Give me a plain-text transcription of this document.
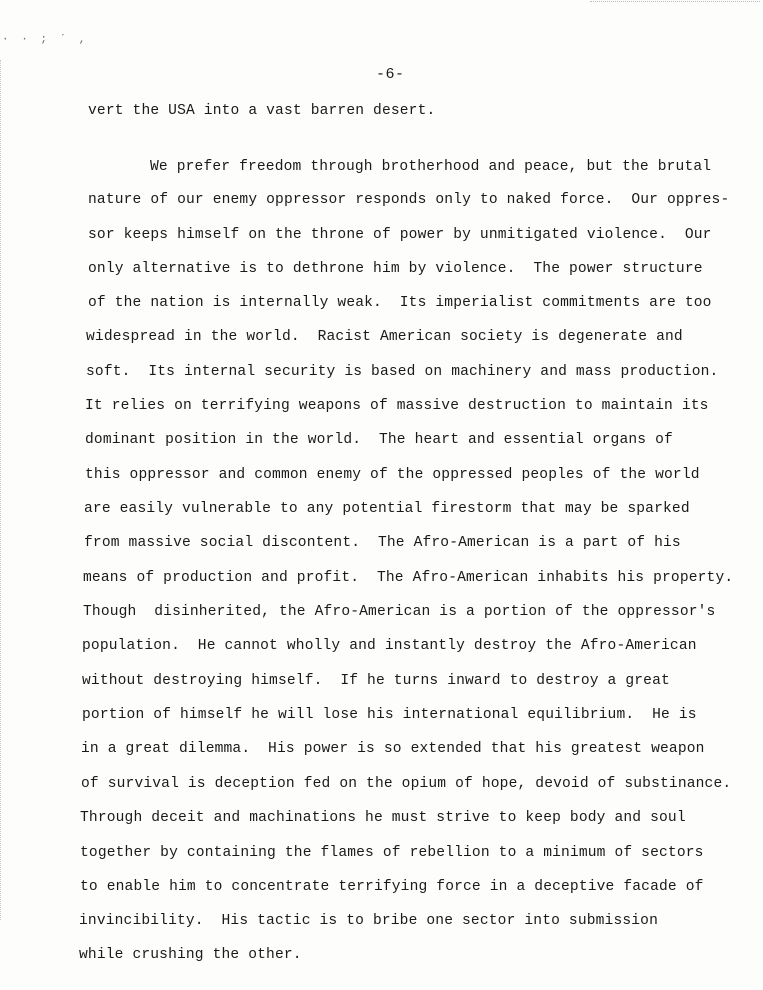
· · ; ˊ ,
-6-
vert the USA into a vast barren desert.
We prefer freedom through brotherhood and peace, but the brutal
nature of our enemy oppressor responds only to naked force.  Our oppres-
sor keeps himself on the throne of power by unmitigated violence.  Our
only alternative is to dethrone him by violence.  The power structure
of the nation is internally weak.  Its imperialist commitments are too
widespread in the world.  Racist American society is degenerate and
soft.  Its internal security is based on machinery and mass production.
It relies on terrifying weapons of massive destruction to maintain its
dominant position in the world.  The heart and essential organs of
this oppressor and common enemy of the oppressed peoples of the world
are easily vulnerable to any potential firestorm that may be sparked
from massive social discontent.  The Afro-American is a part of his
means of production and profit.  The Afro-American inhabits his property.
Though  disinherited, the Afro-American is a portion of the oppressor's
population.  He cannot wholly and instantly destroy the Afro-American
without destroying himself.  If he turns inward to destroy a great
portion of himself he will lose his international equilibrium.  He is
in a great dilemma.  His power is so extended that his greatest weapon
of survival is deception fed on the opium of hope, devoid of substinance.
Through deceit and machinations he must strive to keep body and soul
together by containing the flames of rebellion to a minimum of sectors
to enable him to concentrate terrifying force in a deceptive facade of
invincibility.  His tactic is to bribe one sector into submission
while crushing the other.
